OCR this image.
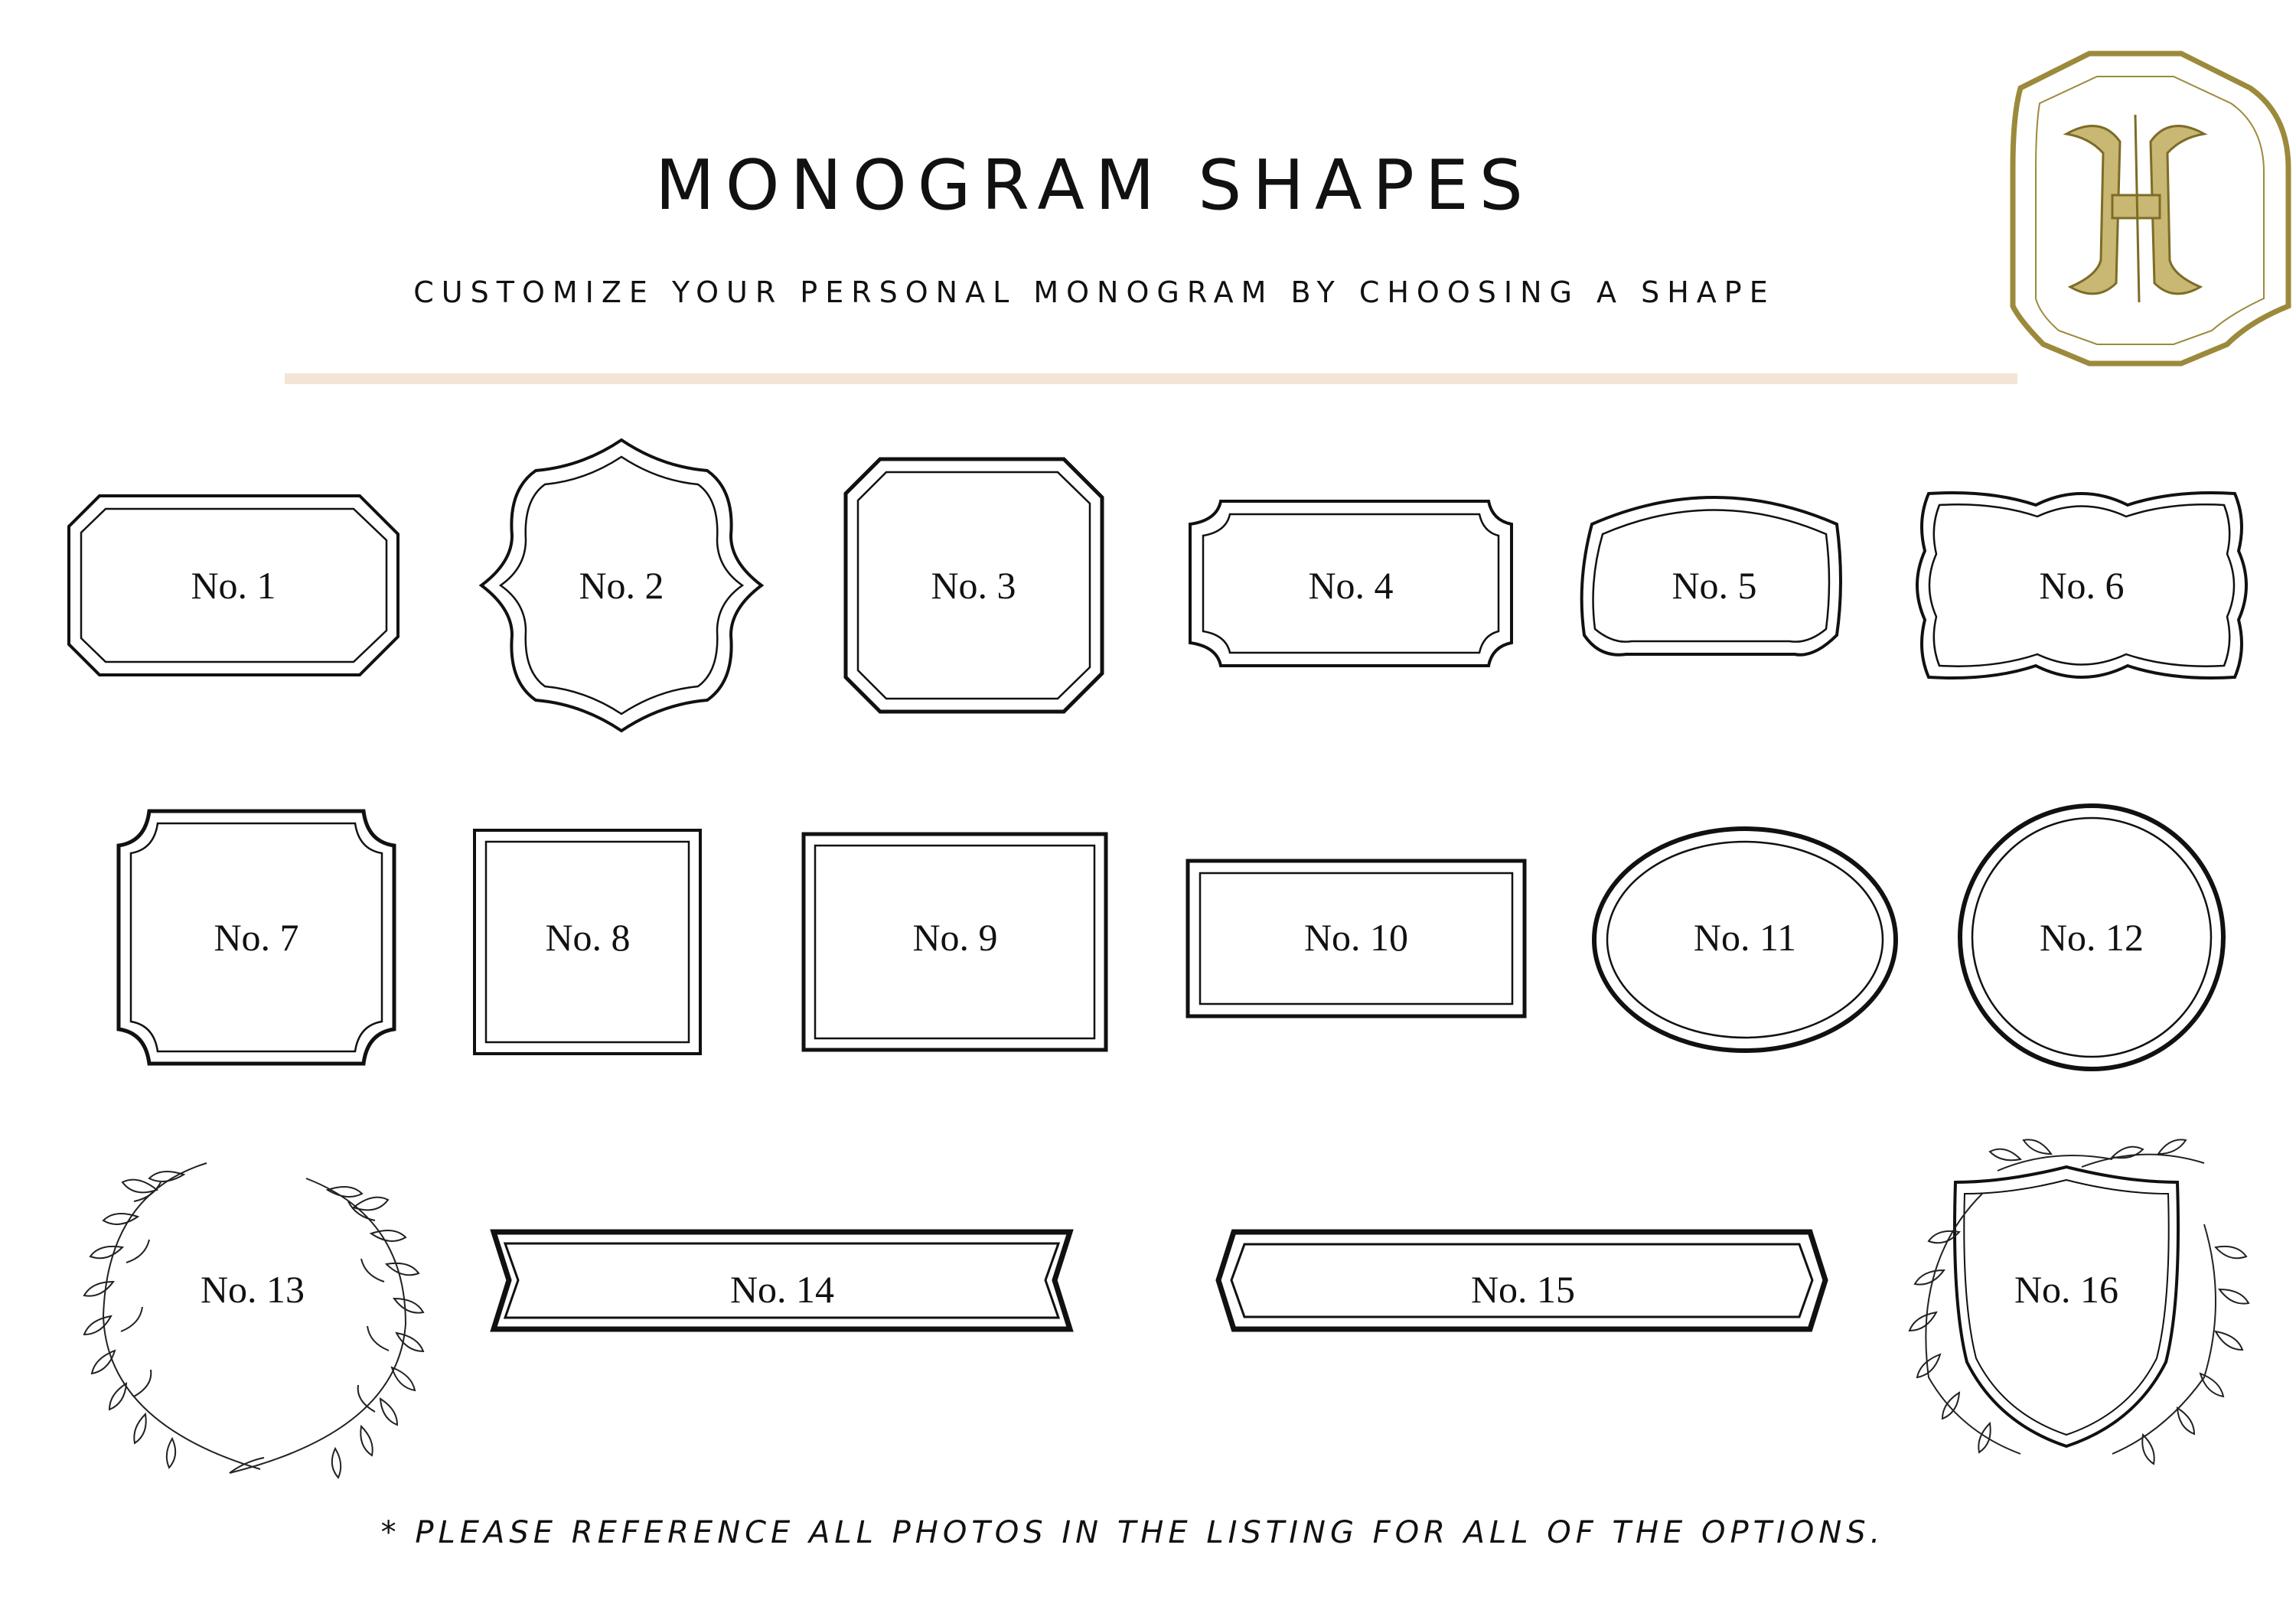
MONOGRAM SHAPES
CUSTOMIZE YOUR PERSONAL MONOGRAM BY CHOOSING A SHAPE
No. 1	No. 2	No. 3	No. 4	No. 5	No. 6
No. 7	No. 8	No. 9	No. 10	No. 11	No. 12
No. 13	No. 14	No. 15	No. 16
* PLEASE REFERENCE ALL PHOTOS IN THE LISTING FOR ALL OF THE OPTIONS.
